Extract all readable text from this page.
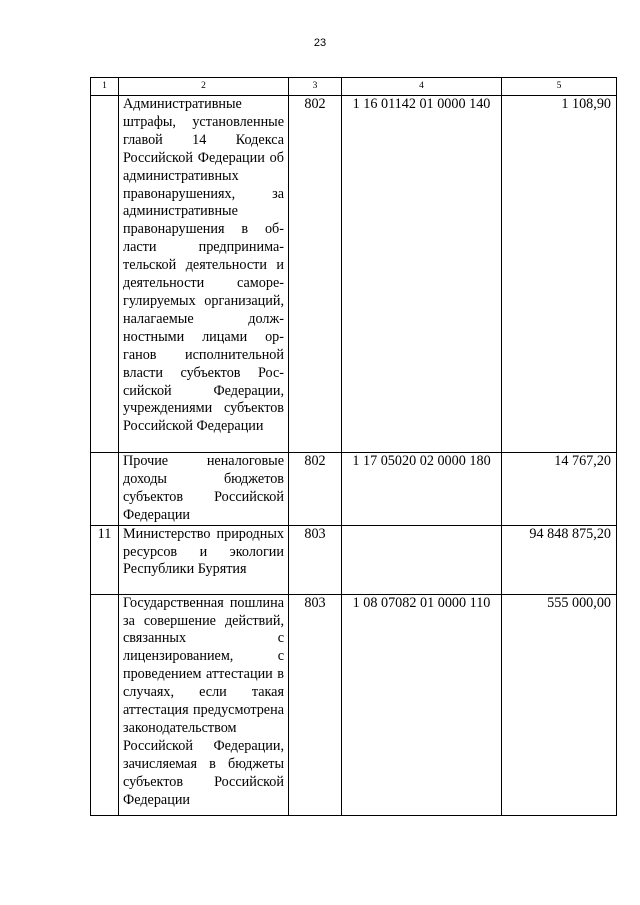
23
1	2	3	4	5
	Административные штрафы, установленные главой 14 Кодекса Российской Федерации об административных правонарушениях, за административные правонарушения в области предпринимательской деятельности и деятельности саморегулируемых организаций, налагаемые должностными лицами органов исполнительной власти субъектов Российской Федерации, учреждениями субъектов Российской Федерации	802	1 16 01142 01 0000 140	1 108,90
	Прочие неналоговые доходы бюджетов субъектов Российской Федерации	802	1 17 05020 02 0000 180	14 767,20
11	Министерство природных ресурсов и экологии Республики Бурятия	803		94 848 875,20
	Государственная пошлина за совершение действий, связанных с лицензированием, с проведением аттестации в случаях, если такая аттестация предусмотрена законодательством Российской Федерации, зачисляемая в бюджеты субъектов Российской Федерации	803	1 08 07082 01 0000 110	555 000,00
